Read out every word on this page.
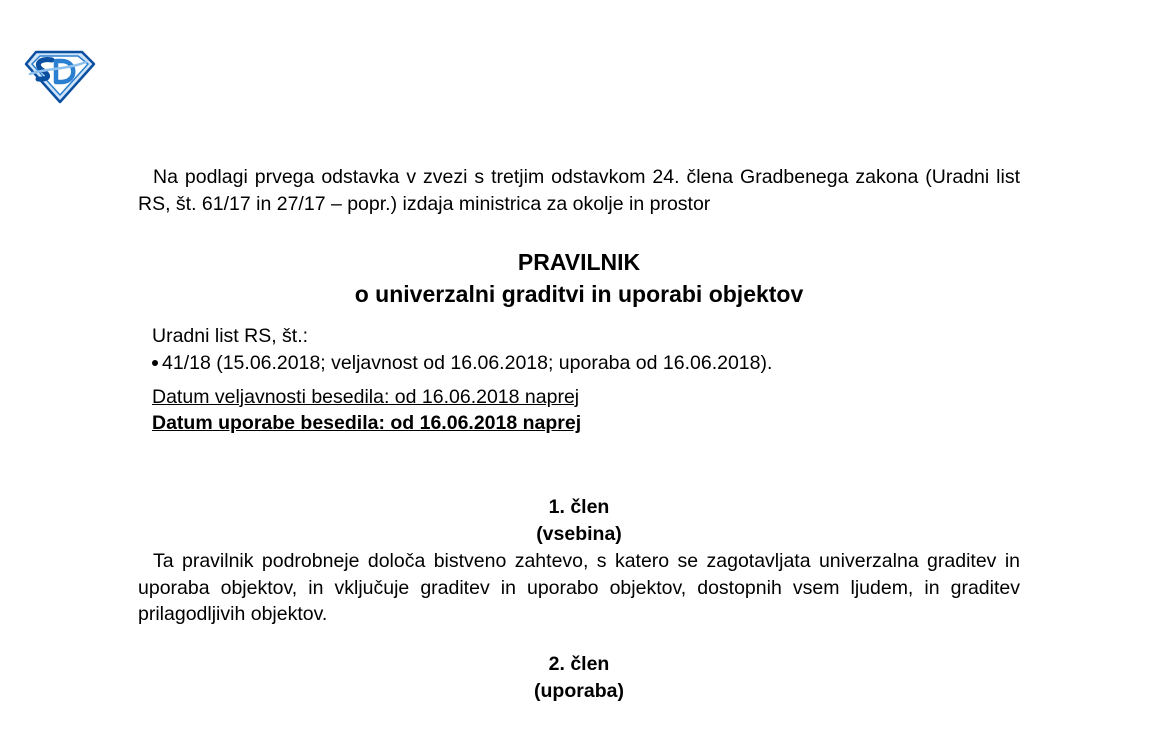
Na podlagi prvega odstavka v zvezi s tretjim odstavkom 24. člena Gradbenega zakona (Uradni list RS, št. 61/17 in 27/17 – popr.) izdaja ministrica za okolje in prostor

PRAVILNIK

o univerzalni graditvi in uporabi objektov

Uradni list RS, št.:

41/18 (15.06.2018; veljavnost od 16.06.2018; uporaba od 16.06.2018).

Datum veljavnosti besedila: od 16.06.2018 naprej

Datum uporabe besedila: od 16.06.2018 naprej

1. člen

(vsebina)

Ta pravilnik podrobneje določa bistveno zahtevo, s katero se zagotavljata univerzalna graditev in uporaba objektov, in vključuje graditev in uporabo objektov, dostopnih vsem ljudem, in graditev prilagodljivih objektov.

2. člen

(uporaba)
